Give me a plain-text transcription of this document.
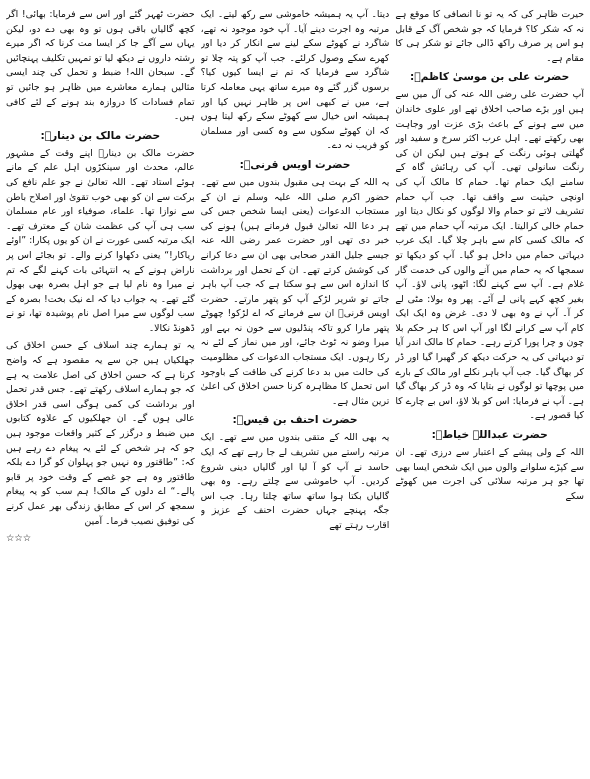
حیرت ظاہر کی کہ یہ تو نا انصافی کا موقع ہے نہ کہ شکر کا؟ فرمایا کہ جو شخص آگ کے قابل ہو اس پر صرف راکھ ڈالی جائے تو شکر ہی کا مقام ہے۔

حضرت علی بن موسیٰ کاظمؒ:

آپ حضرت علی رضی اللہ عنہ کی آل میں سے ہیں اور بڑے صاحب اخلاق تھے اور علوی خاندان میں سے ہونے کے باعث بڑی عزت اور وجاہت بھی رکھتے تھے۔ اہل عرب اکثر سرخ و سفید اور گھلتی ہوئی رنگت کے ہوتے ہیں لیکن ان کی رنگت سانولی تھی۔ آپ کی رہائش گاہ کے سامنے ایک حمام تھا۔ حمام کا مالک آپ کی اونچی حیثیت سے واقف تھا۔ جب آپ حمام تشریف لاتے تو حمام والا لوگوں کو نکال دیتا اور حمام خالی کرالیتا۔ ایک مرتبہ آپ حمام میں تھے کہ مالک کسی کام سے باہر چلا گیا۔ ایک عرب دیہاتی حمام میں داخل ہو گیا۔ آپ کو دیکھا تو سمجھا کہ یہ حمام میں آنے والوں کی خدمت گار غلام ہے۔ آپ سے کہنے لگا: اٹھو، پانی لاؤ۔ آپ بغیر کچھ کہے پانی لے آئے۔ پھر وہ بولا: مٹی لے کر آ۔ آپ نے وہ بھی لا دی۔ غرض وہ ایک ایک کام آپ سے کرانے لگا اور آپ اس کا ہر حکم بلا چون و چرا پورا کرتے رہے۔ حمام کا مالک اندر آیا تو دیہاتی کی یہ حرکت دیکھ کر گھبرا گیا اور ڈر کر بھاگ گیا۔ جب آپ باہر نکلے اور مالک کے بارے میں پوچھا تو لوگوں نے بتایا کہ وہ ڈر کر بھاگ گیا ہے۔ آپ نے فرمایا: اس کو بلا لاؤ، اس بے چارے کا کیا قصور ہے۔

حضرت عبداللہ خیاطؒ:

اللہ کے ولی پیشے کے اعتبار سے درزی تھے۔ ان سے کپڑے سلوانے والوں میں ایک شخص ایسا بھی تھا جو ہر مرتبہ سلائی کی اجرت میں کھوٹے سکے

دیتا۔ آپ یہ ہمیشہ خاموشی سے رکھ لیتے۔ ایک مرتبہ وہ اجرت دینے آیا۔ آپ خود موجود نہ تھے، شاگرد نے کھوٹے سکے لینے سے انکار کر دیا اور کھرے سکے وصول کرلئے۔ جب آپ کو پتہ چلا تو شاگرد سے فرمایا کہ تم نے ایسا کیوں کیا؟ برسوں گزر گئے وہ میرے ساتھ یہی معاملہ کرتا ہے، میں نے کبھی اس پر ظاہر نہیں کیا اور ہمیشہ اس خیال سے کھوٹے سکے رکھ لیتا ہوں کہ ان کھوٹے سکوں سے وہ کسی اور مسلمان کو فریب نہ دے۔

حضرت اویس قرنیؒ:

یہ اللہ کے بہت ہی مقبول بندوں میں سے تھے۔ حضور اکرم صلی اللہ علیہ وسلم نے ان کے مستجاب الدعوات (یعنی ایسا شخص جس کی ہر دعا اللہ تعالیٰ قبول فرماتے ہیں) ہونے کی خبر دی تھی اور حضرت عمر رضی اللہ عنہ جیسے جلیل القدر صحابی بھی ان سے دعا کرانے کی کوشش کرتے تھے۔ ان کے تحمل اور برداشت کا اندازہ اس سے ہو سکتا ہے کہ جب آپ باہر جاتے تو شریر لڑکے آپ کو پتھر مارتے۔ حضرت اویس قرنیؒ ان سے فرماتے کہ اے لڑکو! چھوٹے پتھر مارا کرو تاکہ پنڈلیوں سے خون نہ بہے اور میرا وضو نہ ٹوٹ جائے، اور میں نماز کے لئے نہ رکا رہوں۔ ایک مستجاب الدعوات کی مظلومیت کی حالت میں بد دعا کرنے کی طاقت کے باوجود اس تحمل کا مظاہرہ کرنا حسن اخلاق کی اعلیٰ ترین مثال ہے۔

حضرت احنف بن قیسؒ:

یہ بھی اللہ کے متقی بندوں میں سے تھے۔ ایک مرتبہ راستے میں تشریف لے جا رہے تھے کہ ایک حاسد نے آپ کو آ لیا اور گالیاں دینی شروع کردیں۔ آپ خاموشی سے چلتے رہے۔ وہ بھی گالیاں بکتا ہوا ساتھ ساتھ چلتا رہا۔ جب اس جگہ پہنچے جہاں حضرت احنف کے عزیز و اقارب رہتے تھے

حضرت ٹھہر گئے اور اس سے فرمایا: بھائی! اگر کچھ گالیاں باقی ہوں تو وہ بھی دے دو، لیکن یہاں سے آگے جا کر ایسا مت کرنا کہ اگر میرے رشتہ داروں نے دیکھ لیا تو تمہیں تکلیف پہنچائیں گے۔ سبحان اللہ! ضبط و تحمل کی چند ایسی مثالیں ہمارے معاشرے میں ظاہر ہو جائیں تو تمام فسادات کا دروازہ بند ہونے کے لئے کافی ہیں۔

حضرت مالک بن دینارؒ:

حضرت مالک بن دینارؒ اپنے وقت کے مشہور عالم، محدث اور سینکڑوں اہل علم کے مانے ہوئے استاد تھے۔ اللہ تعالیٰ نے جو علم نافع کی برکت سے ان کو بھی خوب تقویٰ اور اصلاح باطن سے نوازا تھا۔ علماء، صوفیاء اور عام مسلمان سب ہی آپ کی عظمت شان کے معترف تھے۔ ایک مرتبہ کسی عورت نے ان کو یوں پکارا: ”اوئے ریاکار!“ یعنی دکھاوا کرنے والے۔ تو بجائے اس پر ناراض ہونے کے یہ انتہائی بات کہنے لگے کہ تم نے میرا وہ نام لیا ہے جو اہل بصرہ بھی بھول گئے تھے۔ یہ جواب دیا کہ اے نیک بخت! بصرہ کے سب لوگوں سے میرا اصل نام پوشیدہ تھا، تو نے ڈھونڈ نکالا۔

یہ تو ہمارے چند اسلاف کے حسن اخلاق کی جھلکیاں ہیں جن سے یہ مقصود ہے کہ واضح کرنا ہے کہ حسن اخلاق کی اصل علامت یہ ہے کہ جو ہمارے اسلاف رکھتے تھے۔ جس قدر تحمل اور برداشت کی کمی ہوگی اسی قدر اخلاق عالی ہوں گے۔ ان جھلکیوں کے علاوہ کتابوں میں ضبط و درگزر کے کثیر واقعات موجود ہیں جو کہ ہر شخص کے لئے یہ پیغام دے رہے ہیں کہ: ”طاقتور وہ نہیں جو پہلوان کو گرا دے بلکہ طاقتور وہ ہے جو غصے کے وقت خود پر قابو پالے۔“ اے دلوں کے مالک! ہم سب کو یہ پیغام سمجھ کر اس کے مطابق زندگی بھر عمل کرنے کی توفیق نصیب فرما۔ آمین

☆☆☆
